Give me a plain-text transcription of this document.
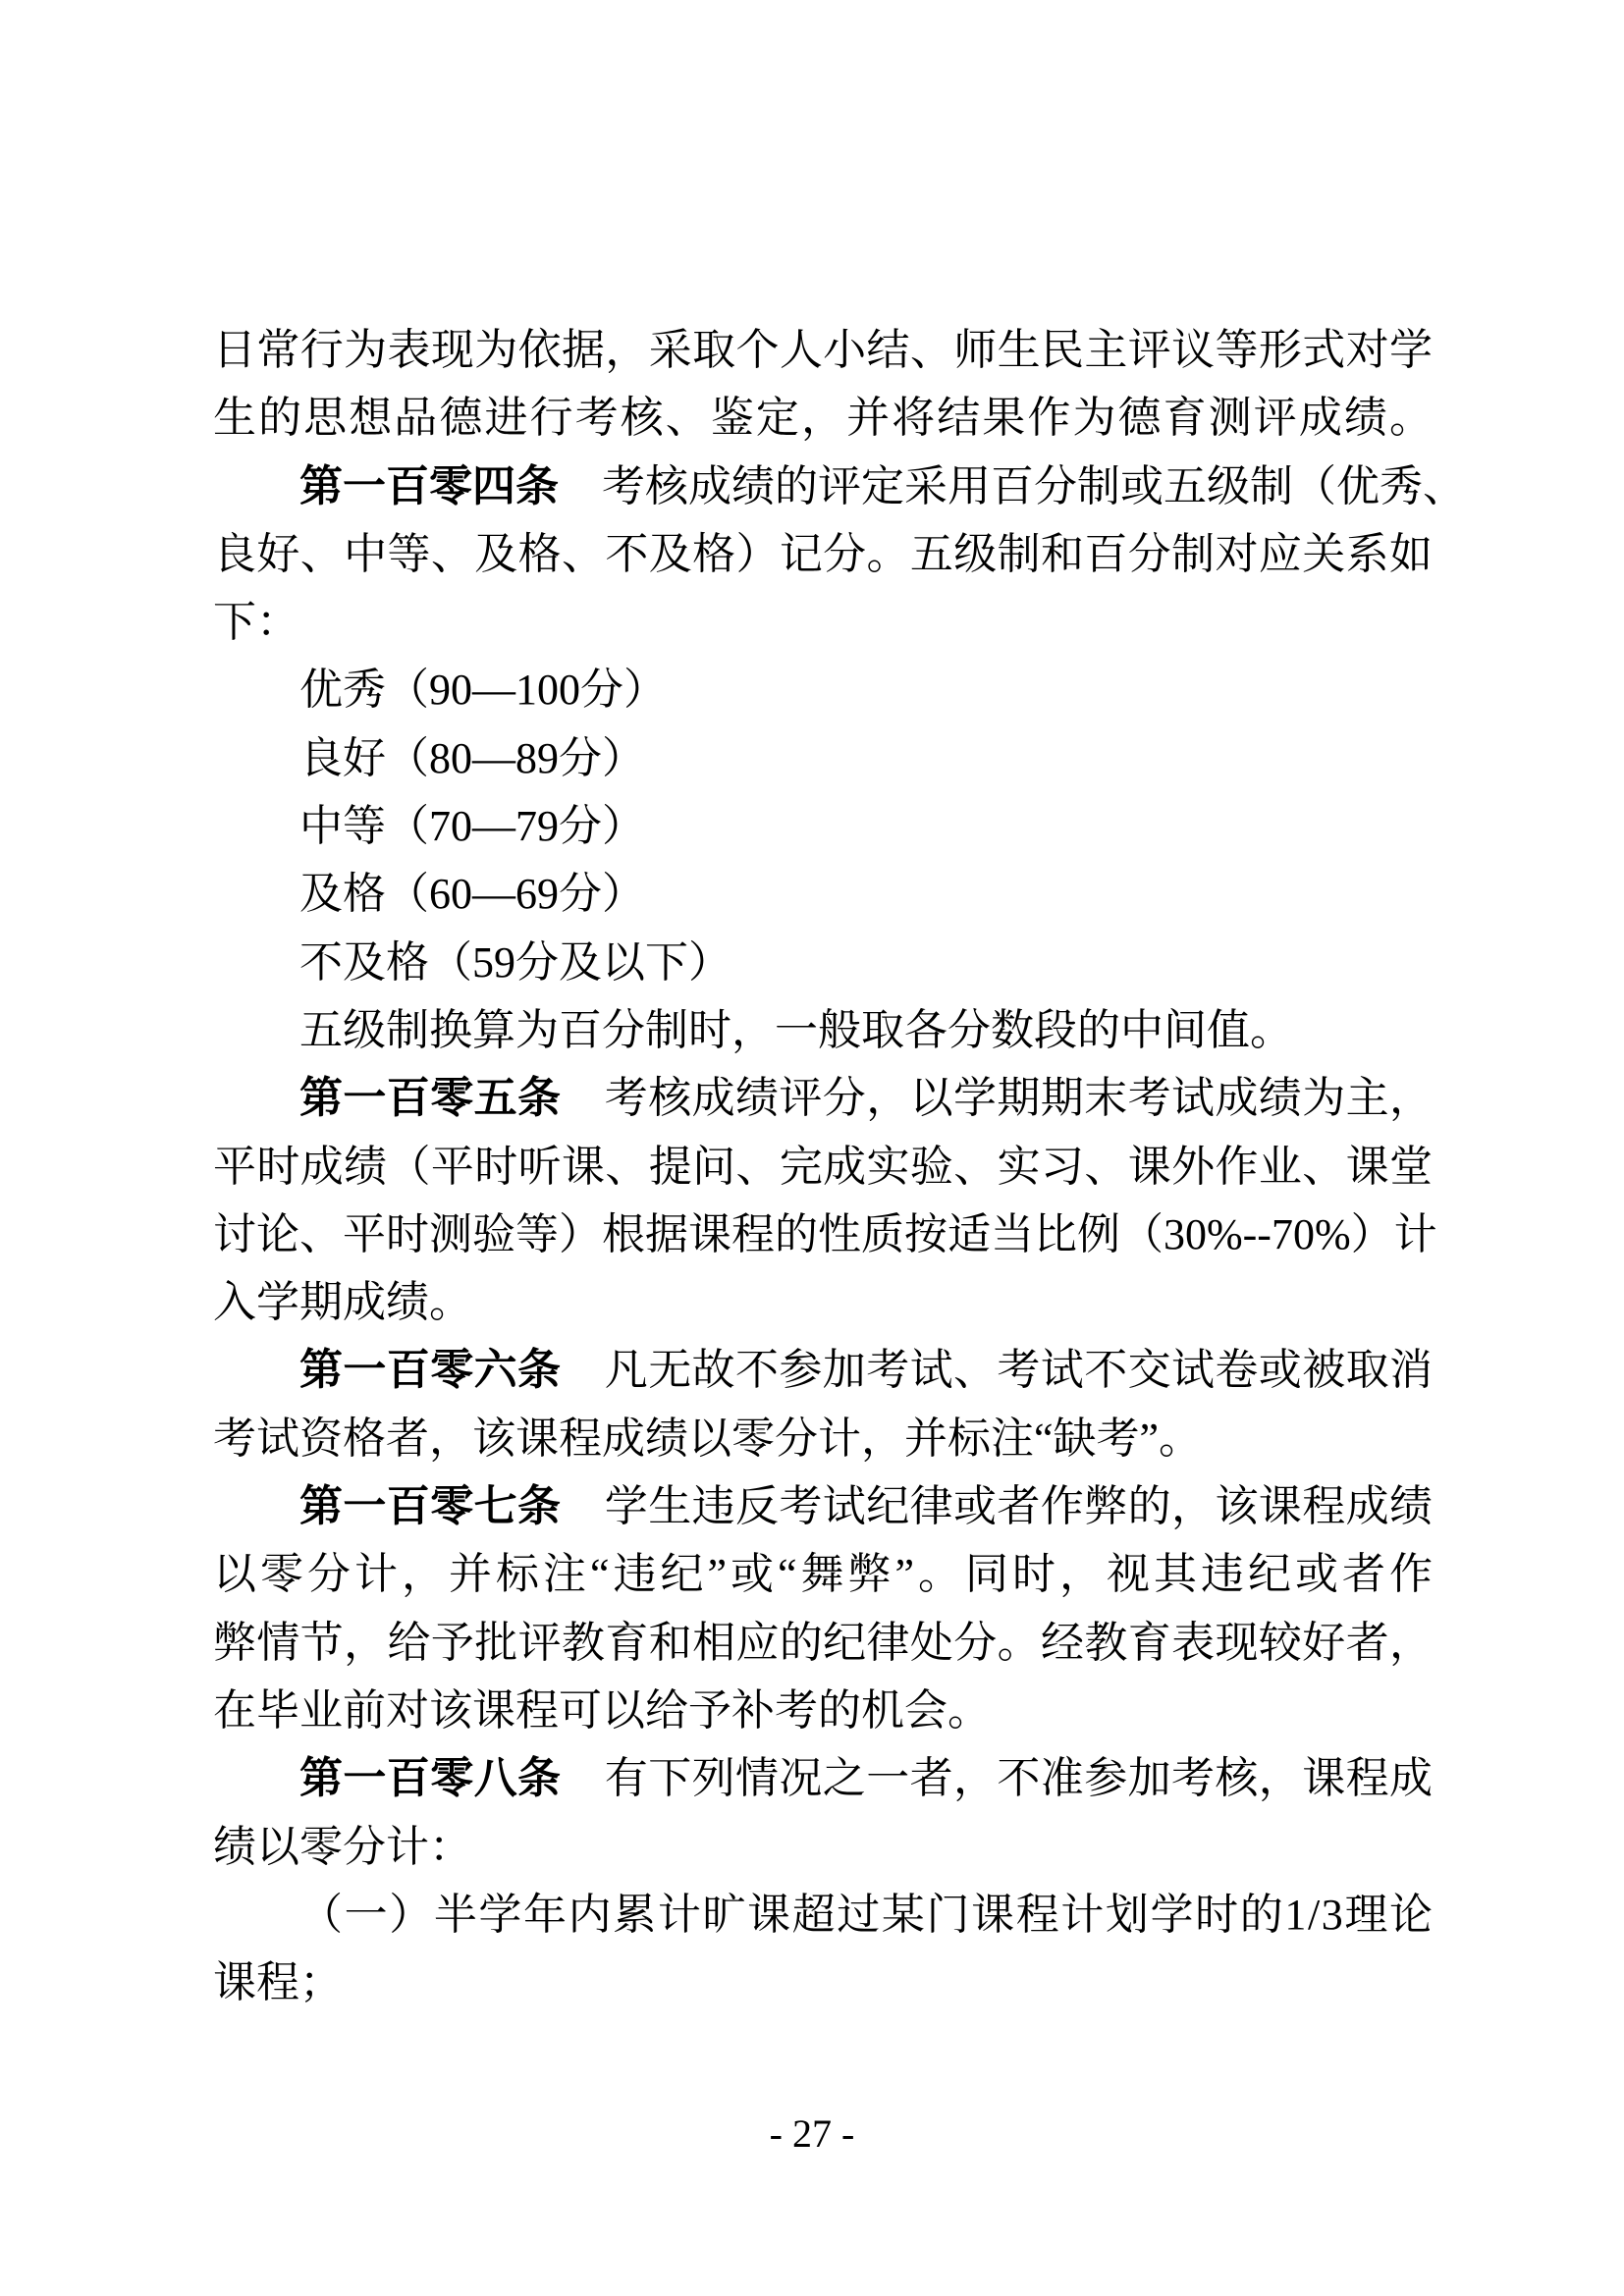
日常行为表现为依据，采取个人小结、师生民主评议等形式对学
生的思想品德进行考核、鉴定，并将结果作为德育测评成绩。
第一百零四条　考核成绩的评定采用百分制或五级制（优秀、
良好、中等、及格、不及格）记分。五级制和百分制对应关系如
下：
优秀（90—100分）
良好（80—89分）
中等（70—79分）
及格（60—69分）
不及格（59分及以下）
五级制换算为百分制时，一般取各分数段的中间值。
第一百零五条　考核成绩评分，以学期期末考试成绩为主，
平时成绩（平时听课、提问、完成实验、实习、课外作业、课堂
讨论、平时测验等）根据课程的性质按适当比例（30%--70%）计
入学期成绩。
第一百零六条　凡无故不参加考试、考试不交试卷或被取消
考试资格者，该课程成绩以零分计，并标注“缺考”。
第一百零七条　学生违反考试纪律或者作弊的，该课程成绩
以零分计，并标注“违纪”或“舞弊”。同时，视其违纪或者作
弊情节，给予批评教育和相应的纪律处分。经教育表现较好者，
在毕业前对该课程可以给予补考的机会。
第一百零八条　有下列情况之一者，不准参加考核，课程成
绩以零分计：
（一）半学年内累计旷课超过某门课程计划学时的1/3理论
课程；
- 27 -
